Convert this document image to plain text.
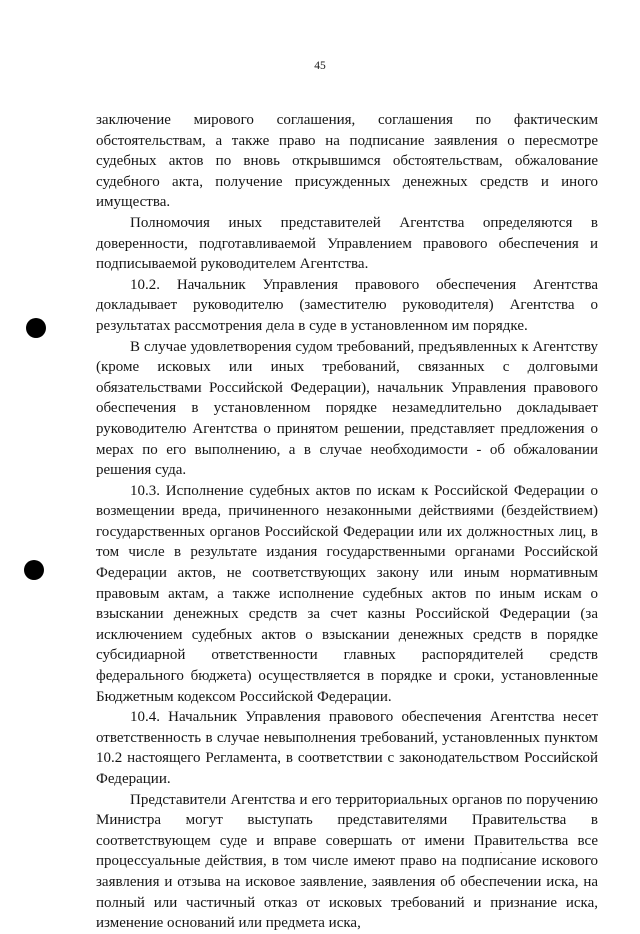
45

заключение мирового соглашения, соглашения по фактическим обстоятельствам, а также право на подписание заявления о пересмотре судебных актов по вновь открывшимся обстоятельствам, обжалование судебного акта, получение присужденных денежных средств и иного имущества.

Полномочия иных представителей Агентства определяются в доверенности, подготавливаемой Управлением правового обеспечения и подписываемой руководителем Агентства.

10.2. Начальник Управления правового обеспечения Агентства докладывает руководителю (заместителю руководителя) Агентства о результатах рассмотрения дела в суде в установленном им порядке.

В случае удовлетворения судом требований, предъявленных к Агентству (кроме исковых или иных требований, связанных с долговыми обязательствами Российской Федерации), начальник Управления правового обеспечения в установленном порядке незамедлительно докладывает руководителю Агентства о принятом решении, представляет предложения о мерах по его выполнению, а в случае необходимости - об обжаловании решения суда.

10.3. Исполнение судебных актов по искам к Российской Федерации о возмещении вреда, причиненного незаконными действиями (бездействием) государственных органов Российской Федерации или их должностных лиц, в том числе в результате издания государственными органами Российской Федерации актов, не соответствующих закону или иным нормативным правовым актам, а также исполнение судебных актов по иным искам о взыскании денежных средств за счет казны Российской Федерации (за исключением судебных актов о взыскании денежных средств в порядке субсидиарной ответственности главных распорядителей средств федерального бюджета) осуществляется в порядке и сроки, установленные Бюджетным кодексом Российской Федерации.

10.4. Начальник Управления правового обеспечения Агентства несет ответственность в случае невыполнения требований, установленных пунктом 10.2 настоящего Регламента, в соответствии с законодательством Российской Федерации.

Представители Агентства и его территориальных органов по поручению Министра могут выступать представителями Правительства в соответствующем суде и вправе совершать от имени Правительства все процессуальные действия, в том числе имеют право на подписание искового заявления и отзыва на исковое заявление, заявления об обеспечении иска, на полный или частичный отказ от исковых требований и признание иска, изменение оснований или предмета иска,
